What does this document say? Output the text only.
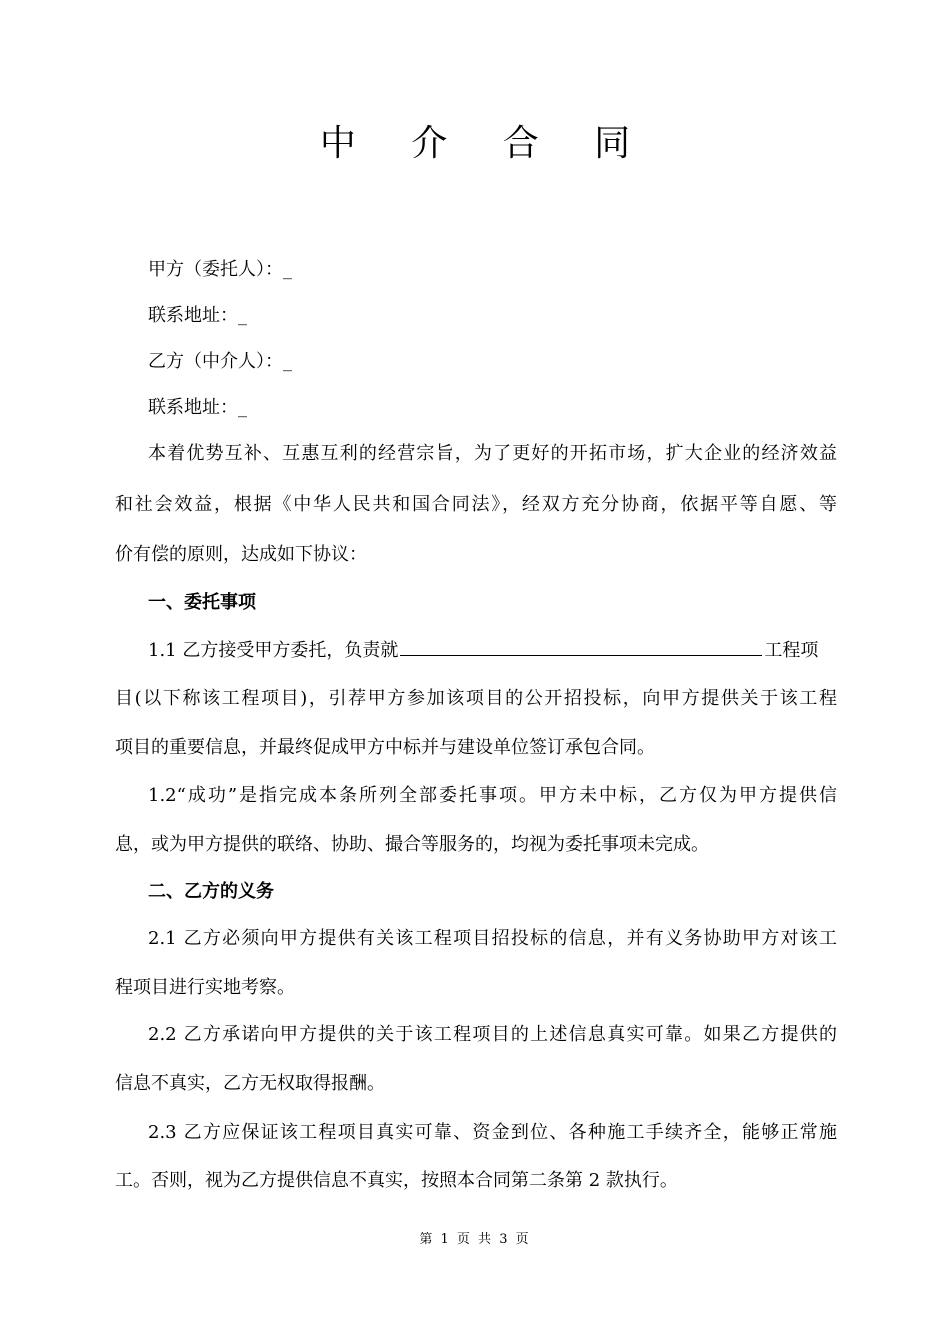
中 介 合 同
甲方（委托人）：_
联系地址：_
乙方（中介人）：_
联系地址：_
本着优势互补、互惠互利的经营宗旨，为了更好的开拓市场，扩大企业的经济效益
和社会效益，根据《中华人民共和国合同法》，经双方充分协商，依据平等自愿、等
价有偿的原则，达成如下协议：
一、委托事项
1.1 乙方接受甲方委托，负责就	工程项
目(以下称该工程项目)，引荐甲方参加该项目的公开招投标，向甲方提供关于该工程
项目的重要信息，并最终促成甲方中标并与建设单位签订承包合同。
1.2“成功”是指完成本条所列全部委托事项。甲方未中标，乙方仅为甲方提供信
息，或为甲方提供的联络、协助、撮合等服务的，均视为委托事项未完成。
二、乙方的义务
2.1 乙方必须向甲方提供有关该工程项目招投标的信息，并有义务协助甲方对该工
程项目进行实地考察。
2.2 乙方承诺向甲方提供的关于该工程项目的上述信息真实可靠。如果乙方提供的
信息不真实，乙方无权取得报酬。
2.3 乙方应保证该工程项目真实可靠、资金到位、各种施工手续齐全，能够正常施
工。否则，视为乙方提供信息不真实，按照本合同第二条第 2 款执行。
第 1 页 共 3 页
